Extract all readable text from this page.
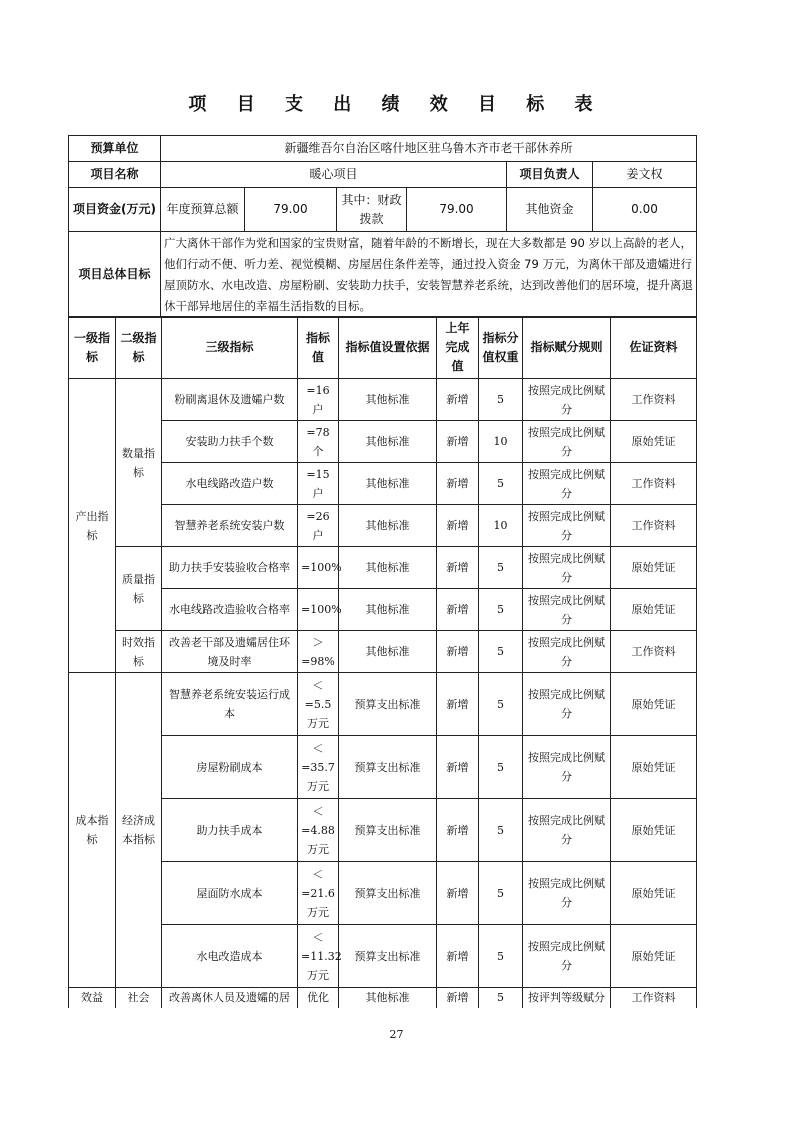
项 目 支 出 绩 效 目 标 表
预算单位	新疆维吾尔自治区喀什地区驻乌鲁木齐市老干部休养所					
项目名称	暖心项目				项目负责人	姜文权
项目资金(万元)	年度预算总额	79.00	其中：财政拨款	79.00	其他资金	0.00
项目总体目标	广大离休干部作为党和国家的宝贵财富，随着年龄的不断增长，现在大多数都是 90 岁以上高龄的老人，他们行动不便、听力差、视觉模糊、房屋居住条件差等，通过投入资金 79 万元，为离休干部及遗孀进行屋顶防水、水电改造、房屋粉刷、安装助力扶手，安装智慧养老系统，达到改善他们的居环境，提升离退休干部异地居住的幸福生活指数的目标。					
一级指标	二级指标	三级指标	指标值	指标值设置依据	上年完成值	指标分值权重	指标赋分规则	佐证资料
产出指标	数量指标	粉刷离退休及遗孀户数	=16 户	其他标准	新增	5	按照完成比例赋分	工作资料
		安装助力扶手个数	=78 个	其他标准	新增	10	按照完成比例赋分	原始凭证
		水电线路改造户数	=15 户	其他标准	新增	5	按照完成比例赋分	工作资料
		智慧养老系统安装户数	=26 户	其他标准	新增	10	按照完成比例赋分	工作资料
	质量指标	助力扶手安装验收合格率	=100%	其他标准	新增	5	按照完成比例赋分	原始凭证
		水电线路改造验收合格率	=100%	其他标准	新增	5	按照完成比例赋分	原始凭证
	时效指标	改善老干部及遗孀居住环境及时率	＞=98%	其他标准	新增	5	按照完成比例赋分	工作资料
成本指标	经济成本指标	智慧养老系统安装运行成本	＜=5.5万元	预算支出标准	新增	5	按照完成比例赋分	原始凭证
		房屋粉刷成本	＜=35.7万元	预算支出标准	新增	5	按照完成比例赋分	原始凭证
		助力扶手成本	＜=4.88万元	预算支出标准	新增	5	按照完成比例赋分	原始凭证
		屋面防水成本	＜=21.6万元	预算支出标准	新增	5	按照完成比例赋分	原始凭证
		水电改造成本	＜=11.32万元	预算支出标准	新增	5	按照完成比例赋分	原始凭证
效益	社会	改善离休人员及遗孀的居	优化	其他标准	新增	5	按评判等级赋分	工作资料
27
